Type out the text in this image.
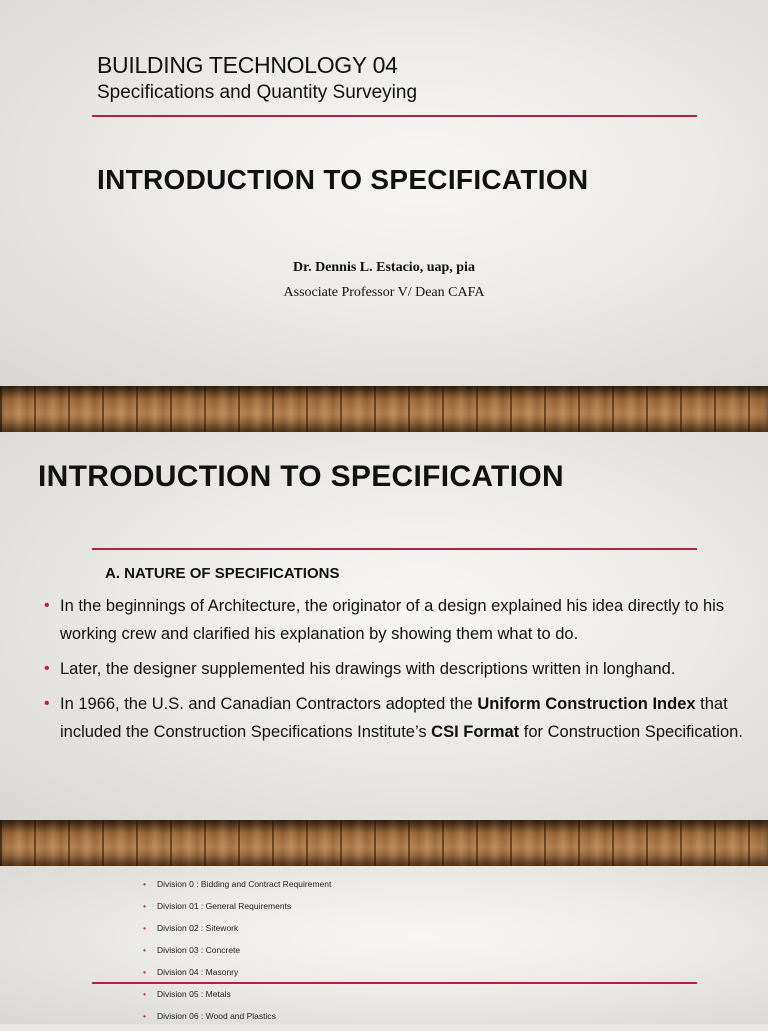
BUILDING TECHNOLOGY 04
Specifications and Quantity Surveying
INTRODUCTION TO SPECIFICATION
Dr. Dennis L. Estacio, uap, pia
Associate Professor V/ Dean CAFA
INTRODUCTION TO SPECIFICATION
A. NATURE OF SPECIFICATIONS
• In the beginnings of Architecture, the originator of a design explained his idea directly to his working crew and clarified his explanation by showing them what to do.
• Later, the designer supplemented his drawings with descriptions written in longhand.
• In 1966, the U.S. and Canadian Contractors adopted the Uniform Construction Index that included the Construction Specifications Institute’s CSI Format for Construction Specification.
• Division 0 : Bidding and Contract Requirement
• Division 01 : General Requirements
• Division 02 : Sitework
• Division 03 : Concrete
• Division 04 : Masonry
• Division 05 : Metals
• Division 06 : Wood and Plastics
